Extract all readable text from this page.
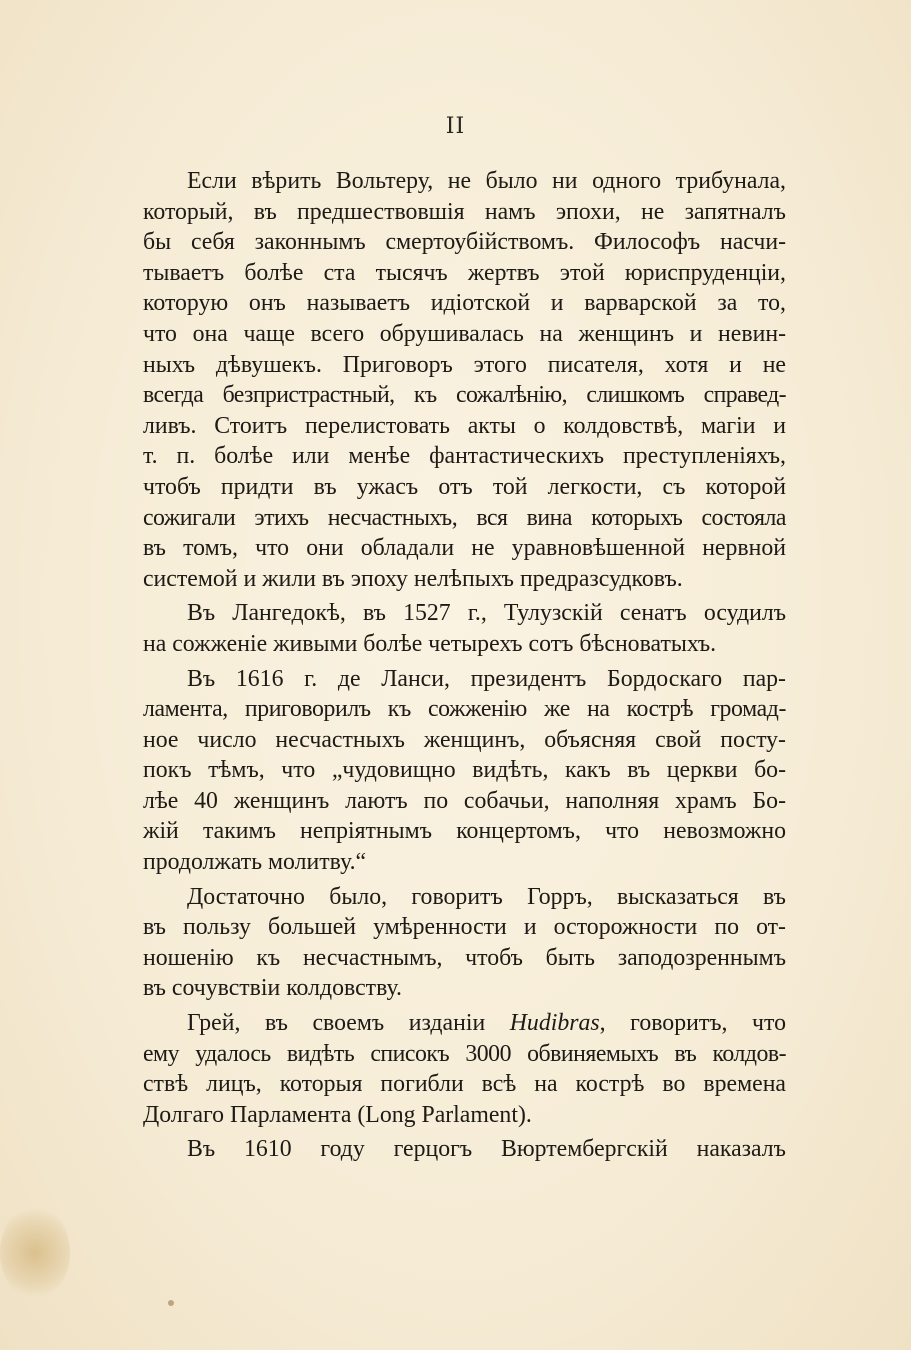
II

Если вѣрить Вольтеру, не было ни одного трибунала,
который, въ предшествовшія намъ эпохи, не запятналъ
бы себя законнымъ смертоубійствомъ. Философъ насчи-
тываетъ болѣе ста тысячъ жертвъ этой юриспруденціи,
которую онъ называетъ идіотской и варварской за то,
что она чаще всего обрушивалась на женщинъ и невин-
ныхъ дѣвушекъ. Приговоръ этого писателя, хотя и не
всегда безпристрастный, къ сожалѣнію, слишкомъ справед-
ливъ. Стоитъ перелистовать акты о колдовствѣ, магіи и
т. п. болѣе или менѣе фантастическихъ преступленіяхъ,
чтобъ придти въ ужасъ отъ той легкости, съ которой
сожигали этихъ несчастныхъ, вся вина которыхъ состояла
въ томъ, что они обладали не уравновѣшенной нервной
системой и жили въ эпоху нелѣпыхъ предразсудковъ.

Въ Лангедокѣ, въ 1527 г., Тулузскій сенатъ осудилъ
на сожженіе живыми болѣе четырехъ сотъ бѣсноватыхъ.

Въ 1616 г. де Ланси, президентъ Бордоскаго пар-
ламента, приговорилъ къ сожженію же на кострѣ громад-
ное число несчастныхъ женщинъ, объясняя свой посту-
покъ тѣмъ, что „чудовищно видѣть, какъ въ церкви бо-
лѣе 40 женщинъ лаютъ по собачьи, наполняя храмъ Бо-
жій такимъ непріятнымъ концертомъ, что невозможно
продолжать молитву.“

Достаточно было, говоритъ Горръ, высказаться въ
въ пользу большей умѣренности и осторожности по от-
ношенію къ несчастнымъ, чтобъ быть заподозреннымъ
въ сочувствіи колдовству.

Грей, въ своемъ изданіи Hudibras, говоритъ, что
ему удалось видѣть списокъ 3000 обвиняемыхъ въ колдов-
ствѣ лицъ, которыя погибли всѣ на кострѣ во времена
Долгаго Парламента (Long Parlament).

Въ 1610 году герцогъ Вюртембергскій наказалъ
